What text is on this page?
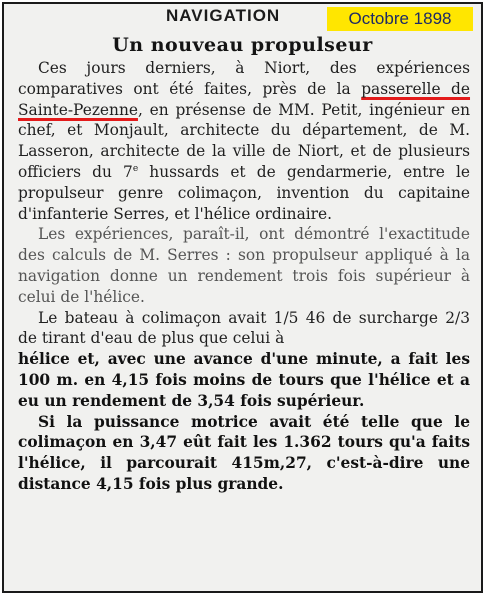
NAVIGATION	Octobre 1898
Un nouveau propulseur

Ces jours derniers, à Niort, des expériences comparatives ont été faites, près de la passerelle de Sainte-Pezenne, en présense de MM. Petit, ingénieur en chef, et Monjault, architecte du département, de M. Lasseron, architecte de la ville de Niort, et de plusieurs officiers du 7e hussards et de gendarmerie, entre le propulseur genre colimaçon, invention du capitaine d'infanterie Serres, et l'hélice ordinaire.

Les expériences, paraît-il, ont démontré l'exactitude des calculs de M. Serres : son propulseur appliqué à la navigation donne un rendement trois fois supérieur à celui de l'hélice.

Le bateau à colimaçon avait 1/5 46 de surcharge 2/3 de tirant d'eau de plus que celui à

hélice et, avec une avance d'une minute, a fait les 100 m. en 4,15 fois moins de tours que l'hélice et a eu un rendement de 3,54 fois supérieur.

Si la puissance motrice avait été telle que le colimaçon en 3,47 eût fait les 1.362 tours qu'a faits l'hélice, il parcourait 415m,27, c'est-à-dire une distance 4,15 fois plus grande.
